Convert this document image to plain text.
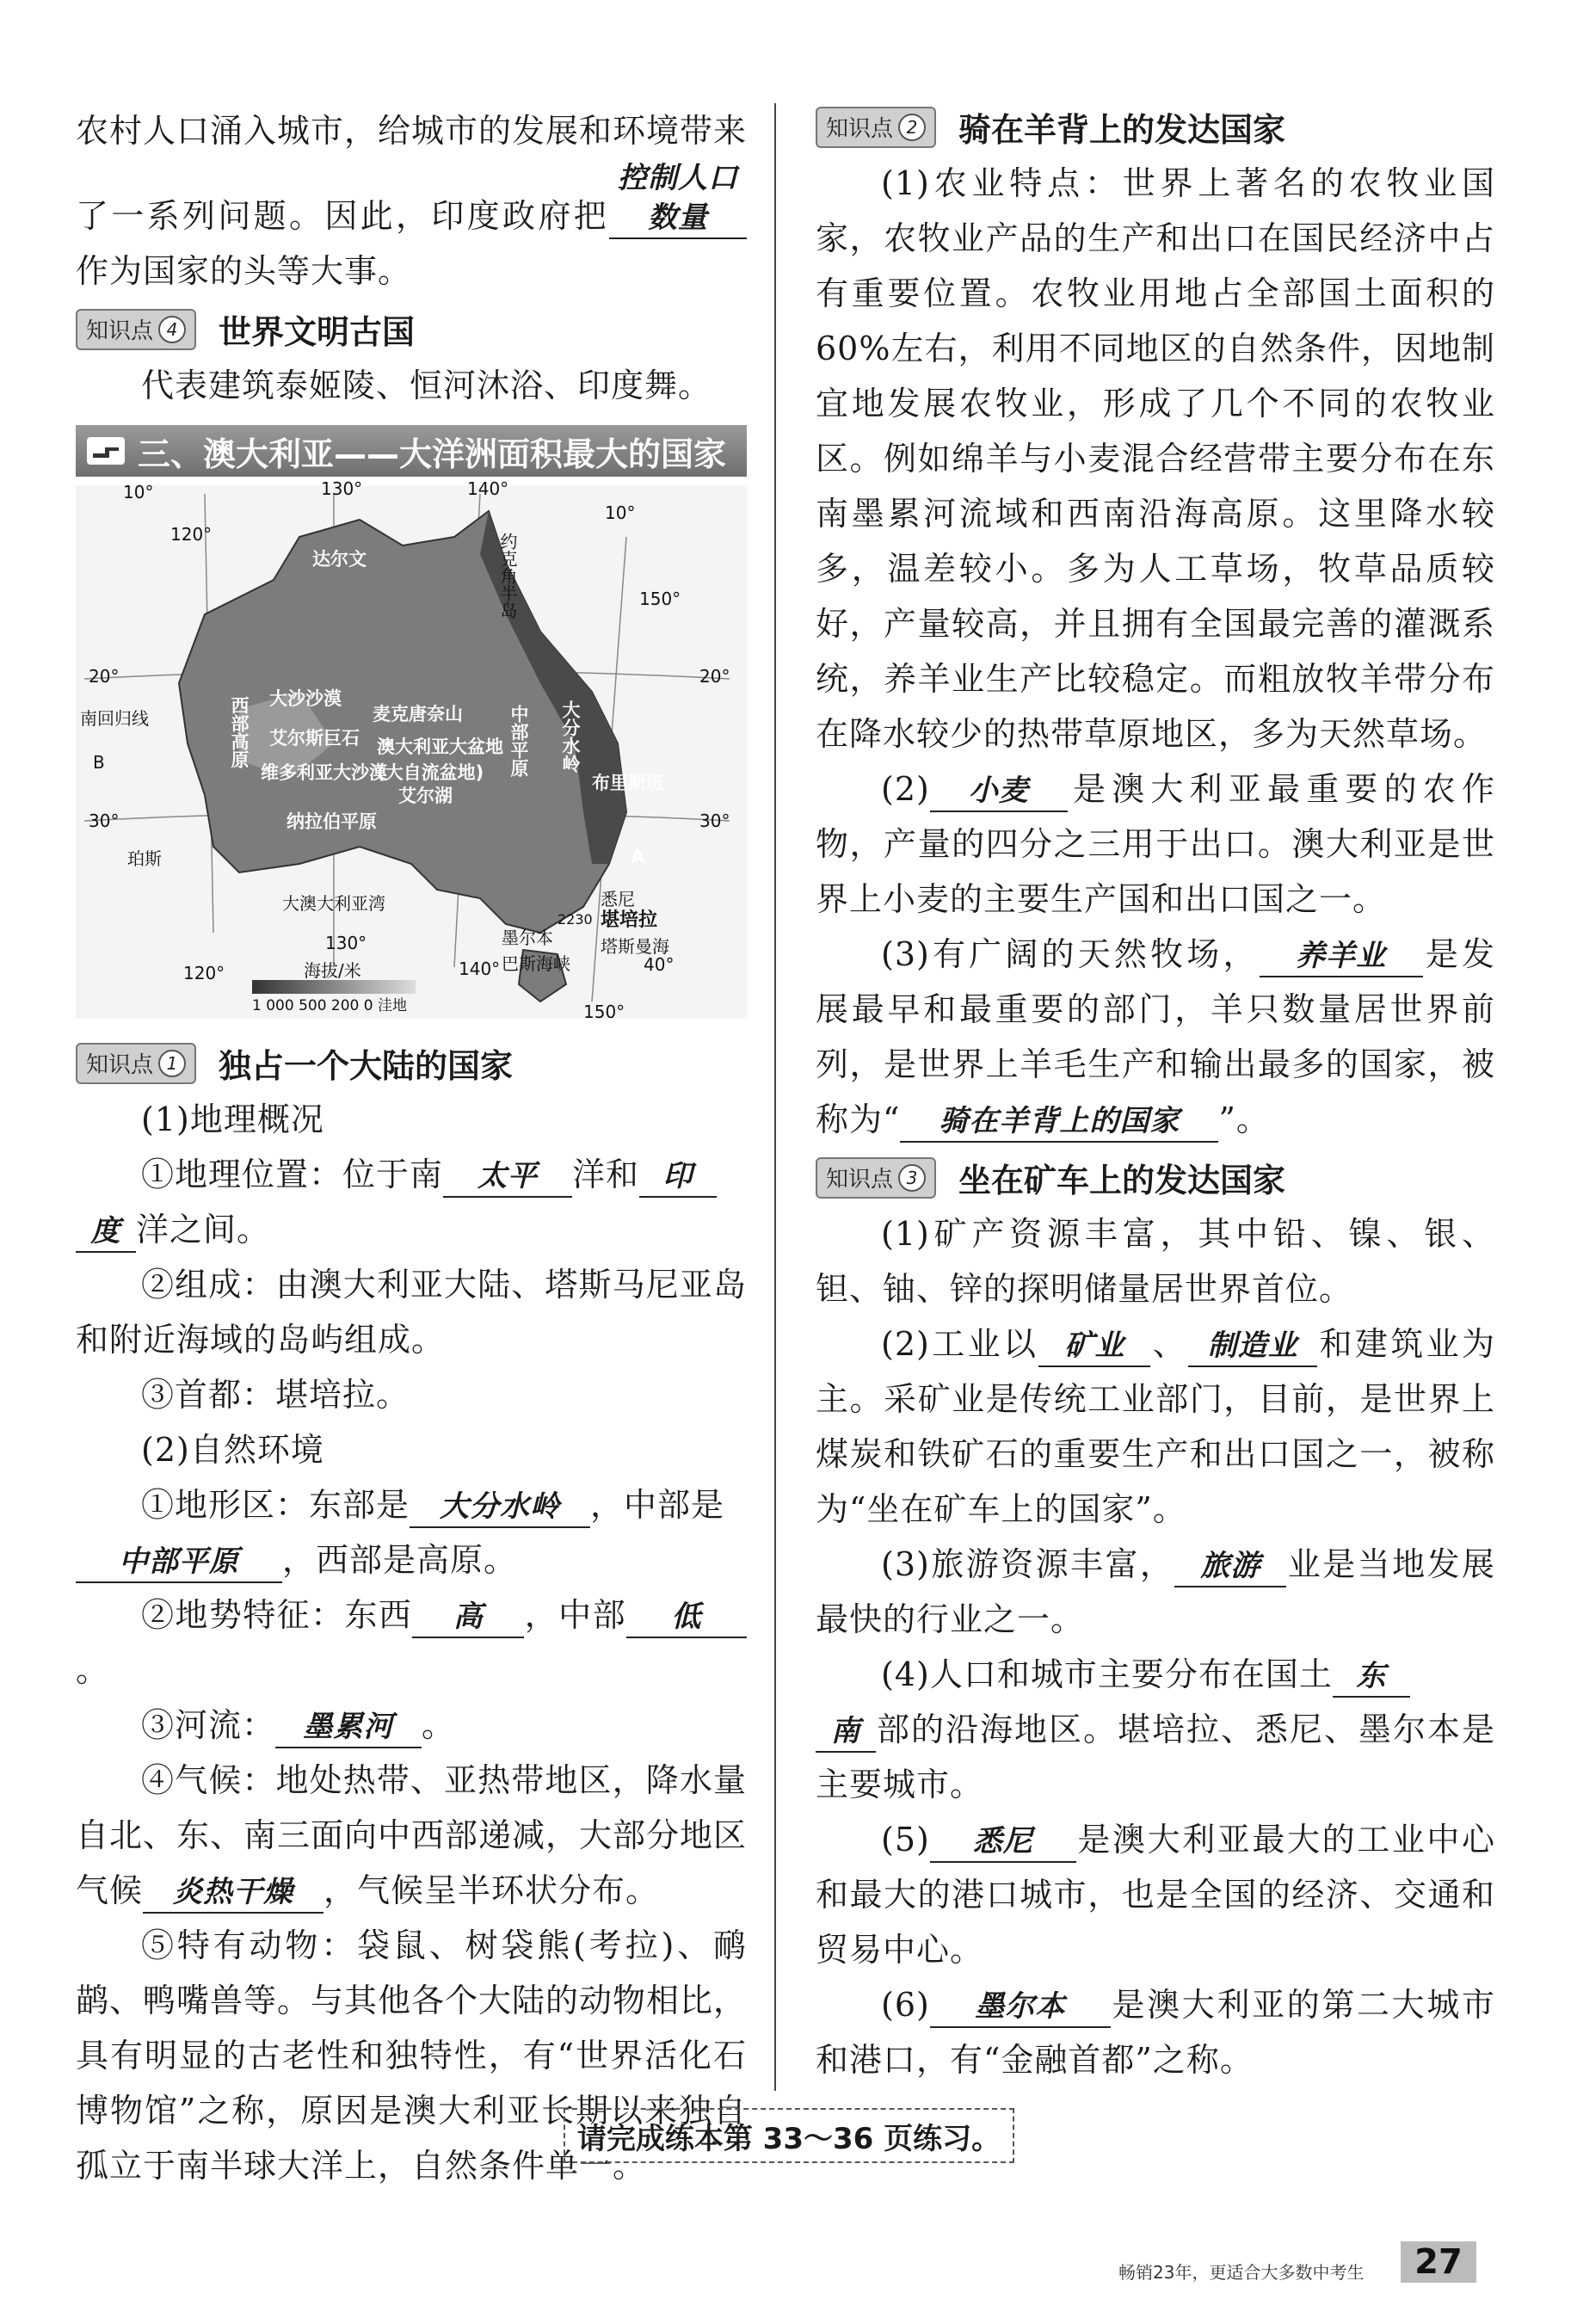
农村人口涌入城市，给城市的发展和环境带来了一系列问题。因此，印度政府把控制人口数量作为国家的头等大事。

知识点 4 世界文明古国

代表建筑泰姬陵、恒河沐浴、印度舞。

三、澳大利亚——大洋洲面积最大的国家
10°	130°	140°
10°
120°
130°
140°
150°
120°
20°
30°
150°
20°
30°
40°
达尔文	约克角半岛
南回归线	西部高原 大沙沙漠
麦克唐奈山
艾尔斯巨石 澳大利亚大盆地(大自流盆地)
维多利亚大沙漠
艾尔湖
中部平原 大分水岭
布里斯班
纳拉伯平原
珀斯
大澳大利亚湾	悉尼
堪培拉
墨尔本
巴斯海峡
塔斯曼海
B
A
2230
海拔/米
1 000 500 200 0 洼地
知识点 1 独占一个大陆的国家

(1)地理概况

①地理位置：位于南 太平 洋和 印
度 洋之间。

②组成：由澳大利亚大陆、塔斯马尼亚岛和附近海域的岛屿组成。

③首都：堪培拉。

(2)自然环境

①地形区：东部是 大分水岭 ，中部是
中部平原 ，西部是高原。

②地势特征：东西 高 ，中部 低。

③河流： 墨累河 。

④气候：地处热带、亚热带地区，降水量自北、东、南三面向中西部递减，大部分地区气候 炎热干燥 ，气候呈半环状分布。

⑤特有动物：袋鼠、树袋熊(考拉)、鸸鹋、鸭嘴兽等。与其他各个大陆的动物相比，具有明显的古老性和独特性，有“世界活化石博物馆”之称，原因是澳大利亚长期以来独自孤立于南半球大洋上，自然条件单一。

知识点 2 骑在羊背上的发达国家

(1)农业特点：世界上著名的农牧业国家，农牧业产品的生产和出口在国民经济中占有重要位置。农牧业用地占全部国土面积的60%左右，利用不同地区的自然条件，因地制宜地发展农牧业，形成了几个不同的农牧业区。例如绵羊与小麦混合经营带主要分布在东南墨累河流域和西南沿海高原。这里降水较多，温差较小。多为人工草场，牧草品质较好，产量较高，并且拥有全国最完善的灌溉系统，养羊业生产比较稳定。而粗放牧羊带分布在降水较少的热带草原地区，多为天然草场。

(2) 小麦 是澳大利亚最重要的农作物，产量的四分之三用于出口。澳大利亚是世界上小麦的主要生产国和出口国之一。

(3)有广阔的天然牧场， 养羊业 是发展最早和最重要的部门，羊只数量居世界前列，是世界上羊毛生产和输出最多的国家，被称为“ 骑在羊背上的国家 ”。

知识点 3 坐在矿车上的发达国家

(1)矿产资源丰富，其中铅、镍、银、钽、铀、锌的探明储量居世界首位。

(2)工业以 矿业 、 制造业 和建筑业为主。采矿业是传统工业部门，目前，是世界上煤炭和铁矿石的重要生产和出口国之一，被称为“坐在矿车上的国家”。

(3)旅游资源丰富， 旅游 业是当地发展最快的行业之一。

(4)人口和城市主要分布在国土 东
南 部的沿海地区。堪培拉、悉尼、墨尔本是主要城市。

(5) 悉尼 是澳大利亚最大的工业中心和最大的港口城市，也是全国的经济、交通和贸易中心。

(6) 墨尔本 是澳大利亚的第二大城市和港口，有“金融首都”之称。

请完成练本第 33～36 页练习。
畅销23年，更适合大多数中考生	27
